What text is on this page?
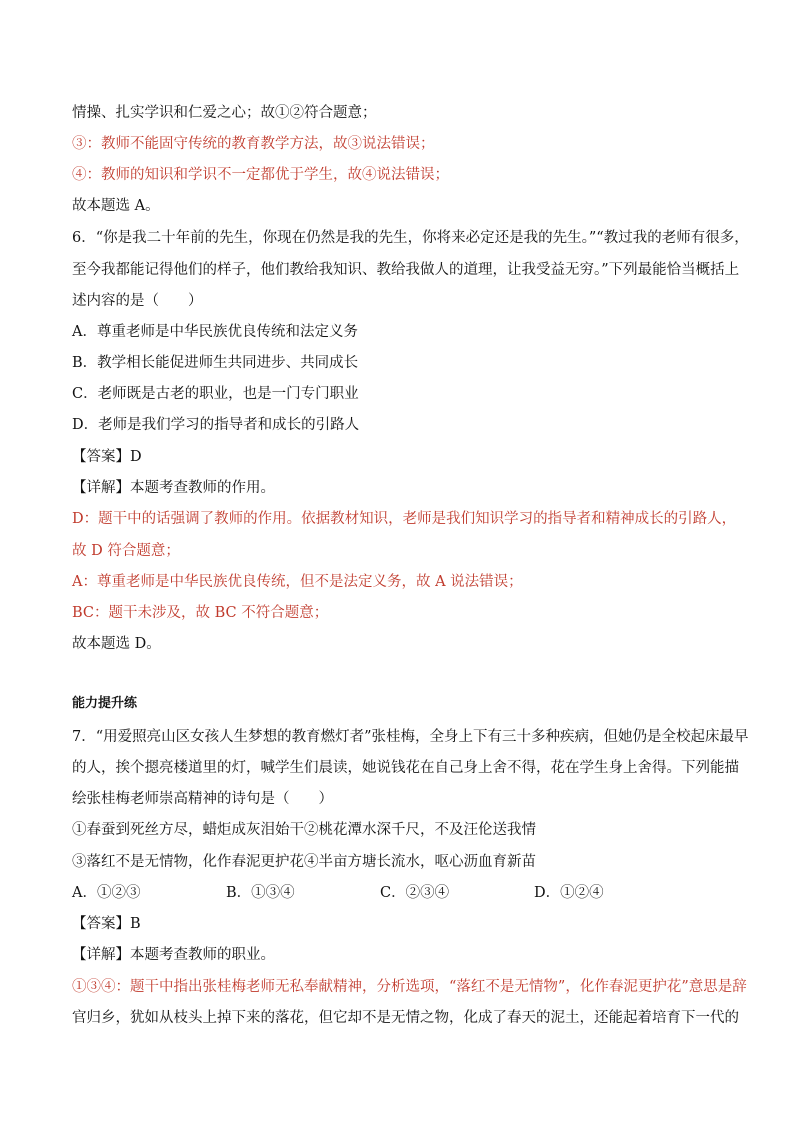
情操、扎实学识和仁爱之心；故①②符合题意；
③：教师不能固守传统的教育教学方法，故③说法错误；
④：教师的知识和学识不一定都优于学生，故④说法错误；
故本题选 A。
6．“你是我二十年前的先生，你现在仍然是我的先生，你将来必定还是我的先生。”“教过我的老师有很多，
至今我都能记得他们的样子，他们教给我知识、教给我做人的道理，让我受益无穷。”下列最能恰当概括上
述内容的是（　　）
A．尊重老师是中华民族优良传统和法定义务
B．教学相长能促进师生共同进步、共同成长
C．老师既是古老的职业，也是一门专门职业
D．老师是我们学习的指导者和成长的引路人
【答案】D
【详解】本题考查教师的作用。
D：题干中的话强调了教师的作用。依据教材知识，老师是我们知识学习的指导者和精神成长的引路人，
故 D 符合题意；
A：尊重老师是中华民族优良传统，但不是法定义务，故 A 说法错误；
BC：题干未涉及，故 BC 不符合题意；
故本题选 D。
能力提升练
7．“用爱照亮山区女孩人生梦想的教育燃灯者”张桂梅，全身上下有三十多种疾病，但她仍是全校起床最早
的人，挨个摁亮楼道里的灯，喊学生们晨读，她说钱花在自己身上舍不得，花在学生身上舍得。下列能描
绘张桂梅老师崇高精神的诗句是（　　）
①春蚕到死丝方尽，蜡炬成灰泪始干②桃花潭水深千尺，不及汪伦送我情
③落红不是无情物，化作春泥更护花④半亩方塘长流水，呕心沥血育新苗
A．①②③	B．①③④	C．②③④	D．①②④
【答案】B
【详解】本题考查教师的职业。
①③④：题干中指出张桂梅老师无私奉献精神，分析选项，“落红不是无情物”，化作春泥更护花”意思是辞
官归乡，犹如从枝头上掉下来的落花，但它却不是无情之物，化成了春天的泥土，还能起着培育下一代的
